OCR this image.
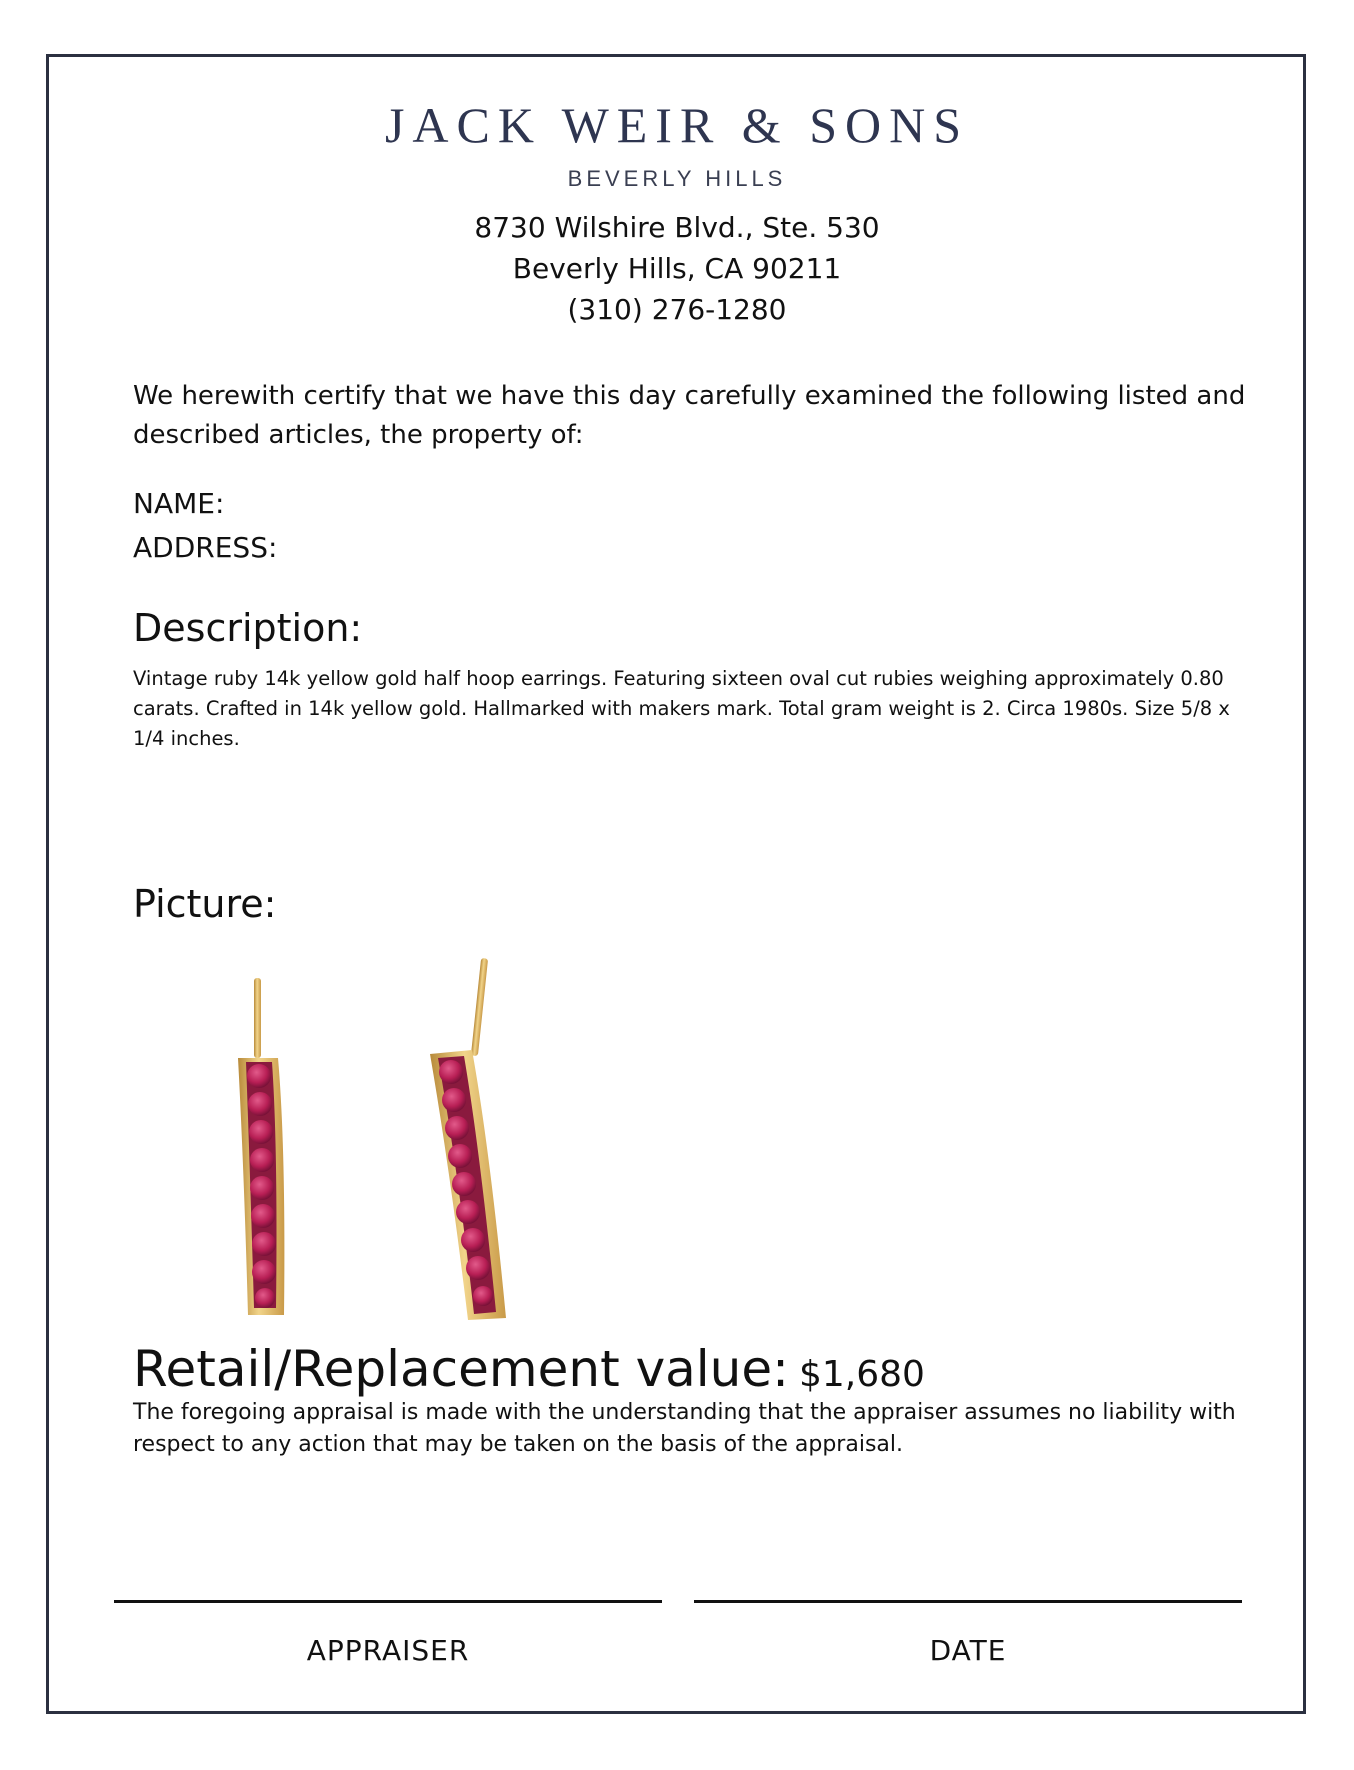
JACK WEIR & SONS
BEVERLY HILLS
8730 Wilshire Blvd., Ste. 530
Beverly Hills, CA 90211
(310) 276-1280
We herewith certify that we have this day carefully examined the following listed and described articles, the property of:
NAME:
ADDRESS:
Description:
Vintage ruby 14k yellow gold half hoop earrings. Featuring sixteen oval cut rubies weighing approximately 0.80 carats. Crafted in 14k yellow gold. Hallmarked with makers mark. Total gram weight is 2. Circa 1980s. Size 5/8 x 1/4 inches.
Picture:
Retail/Replacement value: $1,680
The foregoing appraisal is made with the understanding that the appraiser assumes no liability with respect to any action that may be taken on the basis of the appraisal.
APPRAISER	DATE
